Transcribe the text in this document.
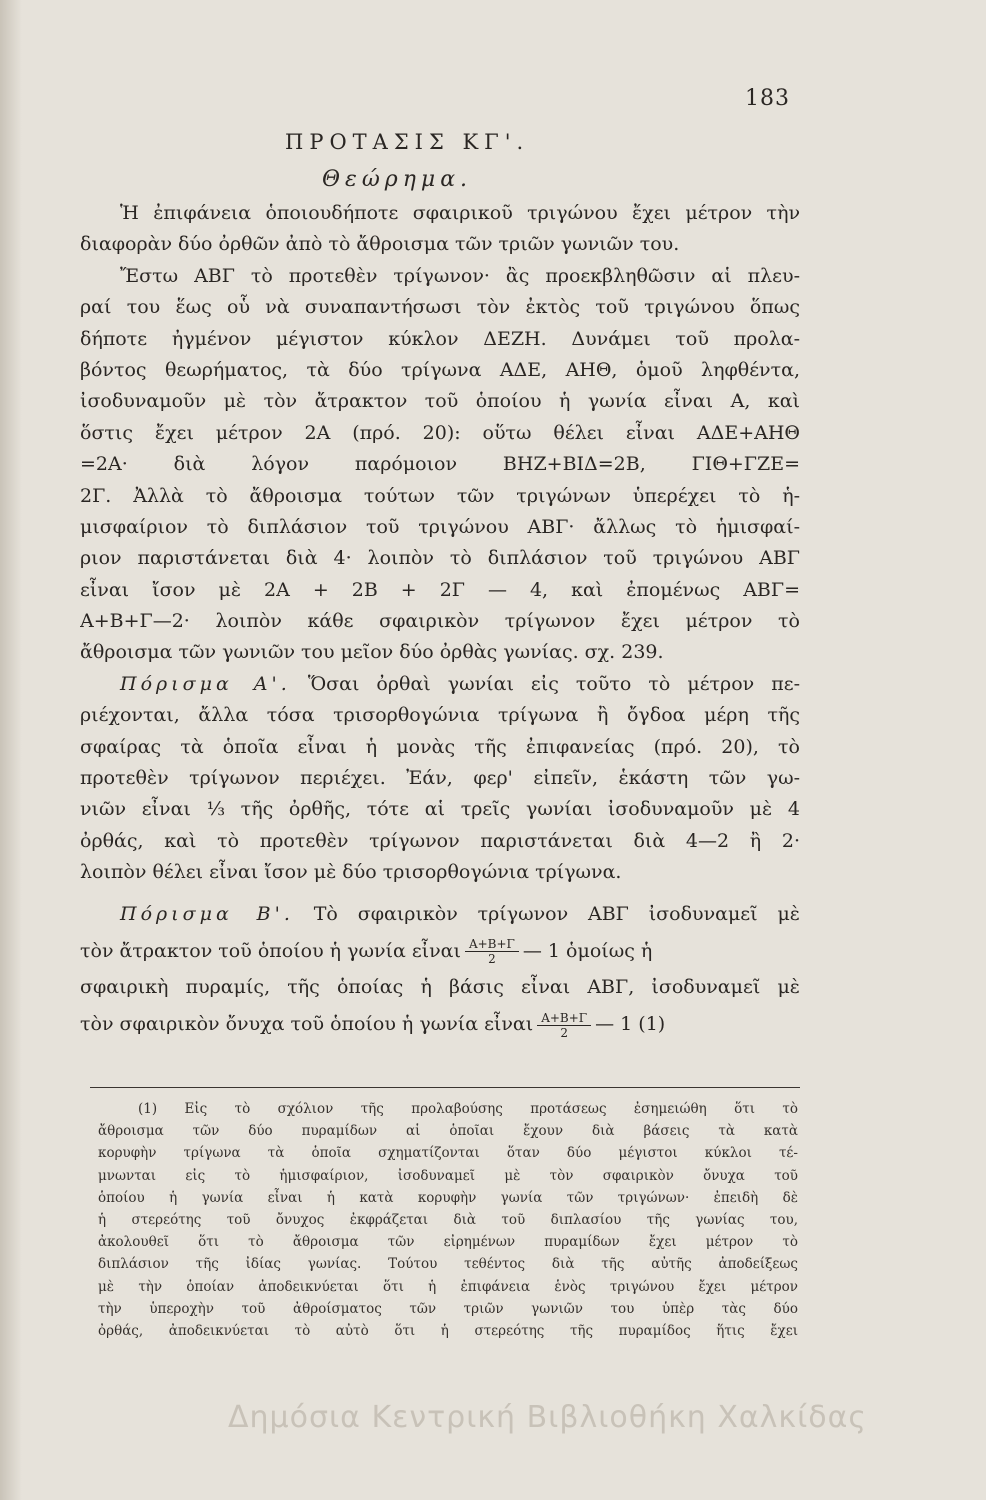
183
ΠΡΟΤΑΣΙΣ ΚΓ'.
Θεώρημα.
Ἡ ἐπιφάνεια ὁποιουδήποτε σφαιρικοῦ τριγώνου ἔχει μέτρον τὴν
διαφορὰν δύο ὀρθῶν ἀπὸ τὸ ἄθροισμα τῶν τριῶν γωνιῶν του.
Ἔστω ΑΒΓ τὸ προτεθὲν τρίγωνον· ἂς προεκβληθῶσιν αἱ πλευ-
ραί του ἕως οὗ νὰ συναπαντήσωσι τὸν ἐκτὸς τοῦ τριγώνου ὅπως
δήποτε ἠγμένον μέγιστον κύκλον ΔΕΖΗ. Δυνάμει τοῦ προλα-
βόντος θεωρήματος, τὰ δύο τρίγωνα ΑΔΕ, ΑΗΘ, ὁμοῦ ληφθέντα,
ἰσοδυναμοῦν μὲ τὸν ἄτρακτον τοῦ ὁποίου ἡ γωνία εἶναι Α, καὶ
ὅστις ἔχει μέτρον 2Α (πρό. 20): οὕτω θέλει εἶναι ΑΔΕ+ΑΗΘ
=2Α· διὰ λόγον παρόμοιον ΒΗΖ+ΒΙΔ=2Β, ΓΙΘ+ΓΖΕ=
2Γ. Ἀλλὰ τὸ ἄθροισμα τούτων τῶν τριγώνων ὑπερέχει τὸ ἡ-
μισφαίριον τὸ διπλάσιον τοῦ τριγώνου ΑΒΓ· ἄλλως τὸ ἡμισφαί-
ριον παριστάνεται διὰ 4· λοιπὸν τὸ διπλάσιον τοῦ τριγώνου ΑΒΓ
εἶναι ἴσον μὲ 2Α + 2Β + 2Γ — 4, καὶ ἐπομένως ΑΒΓ=
Α+Β+Γ—2· λοιπὸν κάθε σφαιρικὸν τρίγωνον ἔχει μέτρον τὸ
ἄθροισμα τῶν γωνιῶν του μεῖον δύο ὀρθὰς γωνίας. σχ. 239.
Πόρισμα Α'. Ὅσαι ὀρθαὶ γωνίαι εἰς τοῦτο τὸ μέτρον πε-
ριέχονται, ἄλλα τόσα τρισορθογώνια τρίγωνα ἢ ὄγδοα μέρη τῆς
σφαίρας τὰ ὁποῖα εἶναι ἡ μονὰς τῆς ἐπιφανείας (πρό. 20), τὸ
προτεθὲν τρίγωνον περιέχει. Ἐάν, φερ' εἰπεῖν, ἑκάστη τῶν γω-
νιῶν εἶναι ⅓ τῆς ὀρθῆς, τότε αἱ τρεῖς γωνίαι ἰσοδυναμοῦν μὲ 4
ὀρθάς, καὶ τὸ προτεθὲν τρίγωνον παριστάνεται διὰ 4—2 ἢ 2·
λοιπὸν θέλει εἶναι ἴσον μὲ δύο τρισορθογώνια τρίγωνα.
Πόρισμα Β'. Τὸ σφαιρικὸν τρίγωνον ΑΒΓ ἰσοδυναμεῖ μὲ
τὸν ἄτρακτον τοῦ ὁποίου ἡ γωνία εἶναι $\frac{A+B+\Gamma}{2}$ — 1 ὁμοίως ἡ
σφαιρικὴ πυραμίς, τῆς ὁποίας ἡ βάσις εἶναι ΑΒΓ, ἰσοδυναμεῖ μὲ
τὸν σφαιρικὸν ὄνυχα τοῦ ὁποίου ἡ γωνία εἶναι $\frac{A+B+\Gamma}{2}$ — 1 (1)
(1) Εἰς τὸ σχόλιον τῆς προλαβούσης προτάσεως ἐσημειώθη ὅτι τὸ
ἄθροισμα τῶν δύο πυραμίδων αἱ ὁποῖαι ἔχουν διὰ βάσεις τὰ κατὰ
κορυφὴν τρίγωνα τὰ ὁποῖα σχηματίζονται ὅταν δύο μέγιστοι κύκλοι τέ-
μνωνται εἰς τὸ ἡμισφαίριον, ἰσοδυναμεῖ μὲ τὸν σφαιρικὸν ὄνυχα τοῦ
ὁποίου ἡ γωνία εἶναι ἡ κατὰ κορυφὴν γωνία τῶν τριγώνων· ἐπειδὴ δὲ
ἡ στερεότης τοῦ ὄνυχος ἐκφράζεται διὰ τοῦ διπλασίου τῆς γωνίας του,
ἀκολουθεῖ ὅτι τὸ ἄθροισμα τῶν εἰρημένων πυραμίδων ἔχει μέτρον τὸ
διπλάσιον τῆς ἰδίας γωνίας. Τούτου τεθέντος διὰ τῆς αὐτῆς ἀποδείξεως
μὲ τὴν ὁποίαν ἀποδεικνύεται ὅτι ἡ ἐπιφάνεια ἑνὸς τριγώνου ἔχει μέτρον
τὴν ὑπεροχὴν τοῦ ἀθροίσματος τῶν τριῶν γωνιῶν του ὑπὲρ τὰς δύο
ὀρθάς, ἀποδεικνύεται τὸ αὐτὸ ὅτι ἡ στερεότης τῆς πυραμίδος ἥτις ἔχει
Δημόσια Κεντρική Βιβλιοθήκη Χαλκίδας
